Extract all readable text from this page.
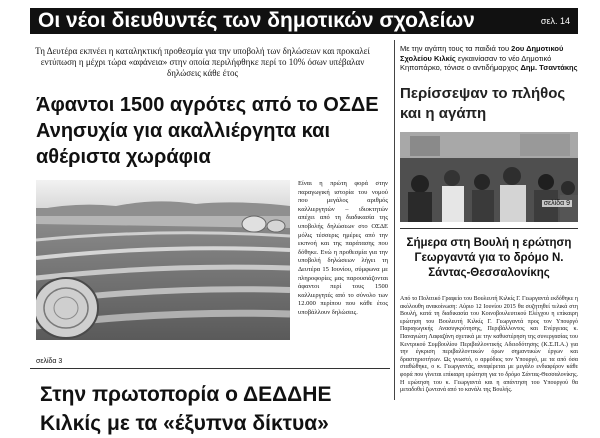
Οι νέοι διευθυντές των δημοτικών σχολείων	σελ. 14
Τη Δευτέρα εκπνέει η καταληκτική προθεσμία για την υποβολή των δηλώσεων και προκαλεί εντύπωση η μέχρι τώρα «αφάνεια» στην οποία περιλήφθηκε περί το 10% όσων υπέβαλαν δηλώσεις κάθε έτος
Άφαντοι 1500 αγρότες από το ΟΣΔΕ Ανησυχία για ακαλλιέργητα και αθέριστα χωράφια
Είναι η πρώτη φορά στην παραγωγική ιστορία του νομού που μεγάλος αριθμός καλλιεργητών – ιδιοκτητών απέχει από τη διαδικασία της υποβολής δηλώσεων στο ΟΣΔΕ μόλις τέσσερις ημέρες από την εκπνοή και της παράτασης που δόθηκε. Ενώ η προθεσμία για την υποβολή δηλώσεων λήγει τη Δευτέρα 15 Ιουνίου, σύμφωνα με πληροφορίες μας παρουσιάζονται άφαντοι περί τους 1500 καλλιεργητές από το σύνολο των 12.000 περίπου που κάθε έτος υποβάλλουν δηλώσεις.
σελίδα 3
Στην πρωτοπορία ο ΔΕΔΔΗΕ Κιλκίς με τα «έξυπνα δίκτυα»
Με την αγάπη τους τα παιδιά του 2ου Δημοτικού Σχολείου Κιλκίς εγκαινίασαν το νέο Δημοτικό Κηποπάρκο, τόνισε ο αντιδήμαρχος Δημ. Τσαντάκης
Περίσσεψαν το πλήθος και η αγάπη
σελίδα 9
Σήμερα στη Βουλή η ερώτηση Γεωργαντά για το δρόμο Ν. Σάντας-Θεσσαλονίκης
Από το Πολιτικό Γραφείο του Βουλευτή Κιλκίς Γ. Γεωργαντά εκδόθηκε η ακόλουθη ανακοίνωση: Αύριο 12 Ιουνίου 2015 θα συζητηθεί τελικά στη Βουλή, κατά τη διαδικασία του Κοινοβουλευτικού Ελέγχου η επίκαιρη ερώτηση του Βουλευτή Κιλκίς Γ. Γεωργαντά προς τον Υπουργό Παραγωγικής Ανασυγκρότησης, Περιβάλλοντος και Ενέργειας κ. Παναγιώτη Λαφαζάνη σχετικά με την καθυστέρηση της συνεργασίας του Κεντρικού Συμβουλίου Περιβαλλοντικής Αδειοδότησης (Κ.Σ.Π.Α.) για την έγκριση περιβαλλοντικών όρων σημαντικών έργων και δραστηριοτήτων. Ως γνωστό, ο αρμόδιος τον Υπουργό, με τα από όσα σταθώθηκε, ο κ. Γεωργαντάς, αναφέρεται με μεγάλο ενδιαφέρον κάθε φορά που γίνεται επίκαιρη ερώτηση για το δρόμο Σάντας-Θεσσαλονίκης. Η ερώτηση του κ. Γεωργαντά και η απάντηση του Υπουργού θα μεταδοθεί ζωντανά από το κανάλι της Βουλής.
